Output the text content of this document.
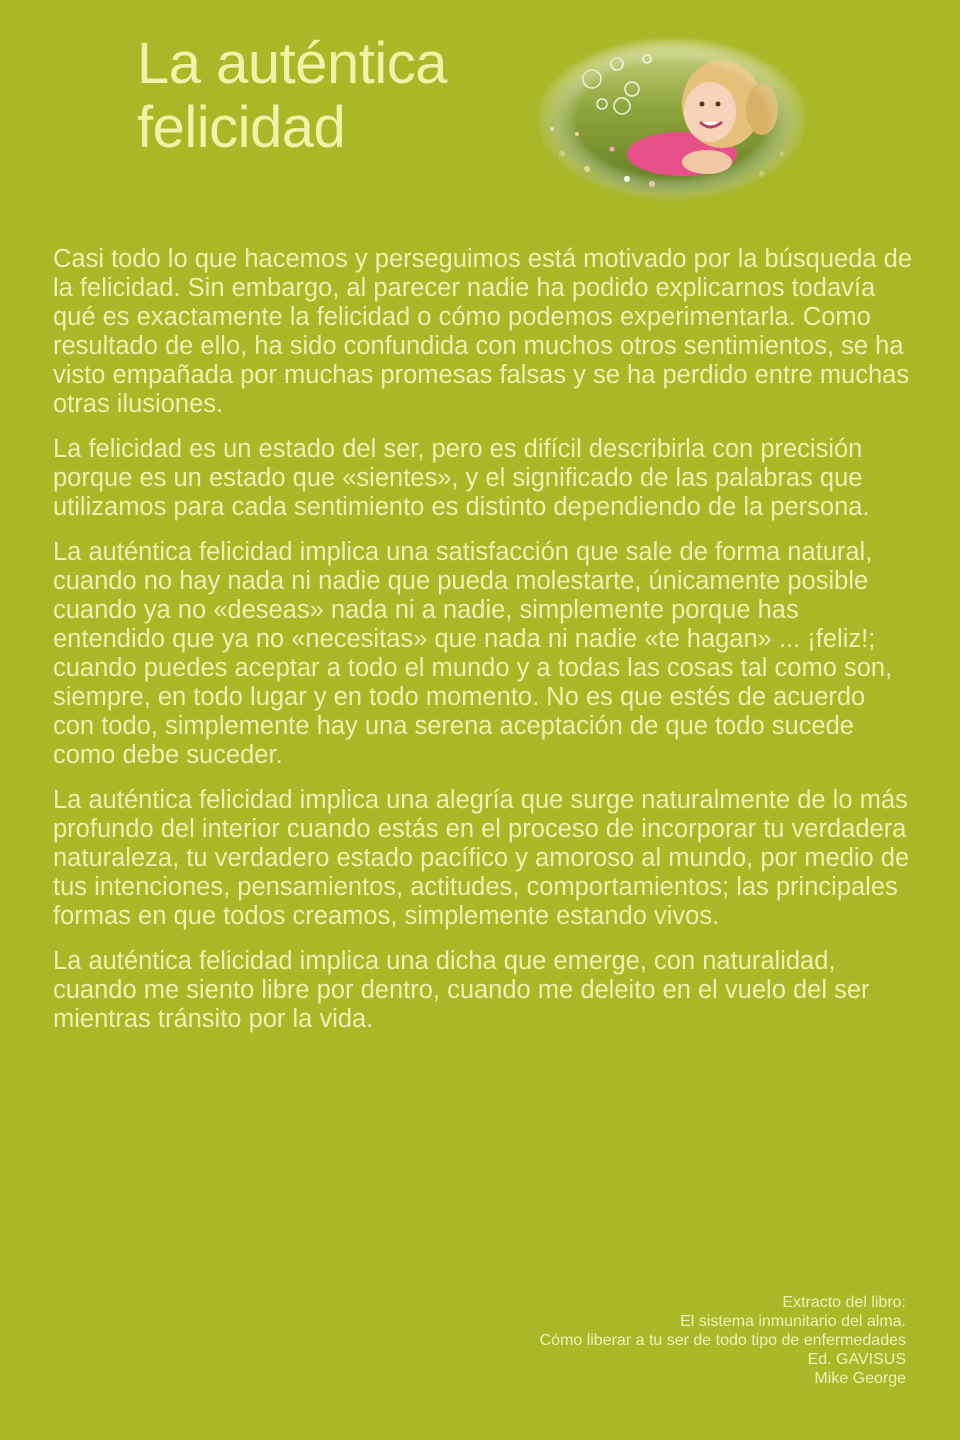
La auténtica
felicidad

Casi todo lo que hacemos y perseguimos está motivado por la búsqueda de la felicidad. Sin embargo, al parecer nadie ha podido explicarnos todavía qué es exactamente la felicidad o cómo podemos experimentarla. Como resultado de ello, ha sido confundida con muchos otros sentimientos, se ha visto empañada por muchas promesas falsas y se ha perdido entre muchas otras ilusiones.

La felicidad es un estado del ser, pero es difícil describirla con precisión porque es un estado que «sientes», y el significado de las palabras que utilizamos para cada sentimiento es distinto dependiendo de la persona.

La auténtica felicidad implica una satisfacción que sale de forma natural, cuando no hay nada ni nadie que pueda molestarte, únicamente posible cuando ya no «deseas» nada ni a nadie, simplemente porque has entendido que ya no «necesitas» que nada ni nadie «te hagan» ... ¡feliz!; cuando puedes aceptar a todo el mundo y a todas las cosas tal como son, siempre, en todo lugar y en todo momento. No es que estés de acuerdo con todo, simplemente hay una serena aceptación de que todo sucede como debe suceder.

La auténtica felicidad implica una alegría que surge naturalmente de lo más profundo del interior cuando estás en el proceso de incorporar tu verdadera naturaleza, tu verdadero estado pacífico y amoroso al mundo, por medio de tus intenciones, pensamientos, actitudes, comportamientos; las principales formas en que todos creamos, simplemente estando vivos.

La auténtica felicidad implica una dicha que emerge, con naturalidad, cuando me siento libre por dentro, cuando me deleito en el vuelo del ser mientras tránsito por la vida.

Extracto del libro:
El sistema inmunitario del alma.
Cómo liberar a tu ser de todo tipo de enfermedades
Ed. GAVISUS
Mike George
